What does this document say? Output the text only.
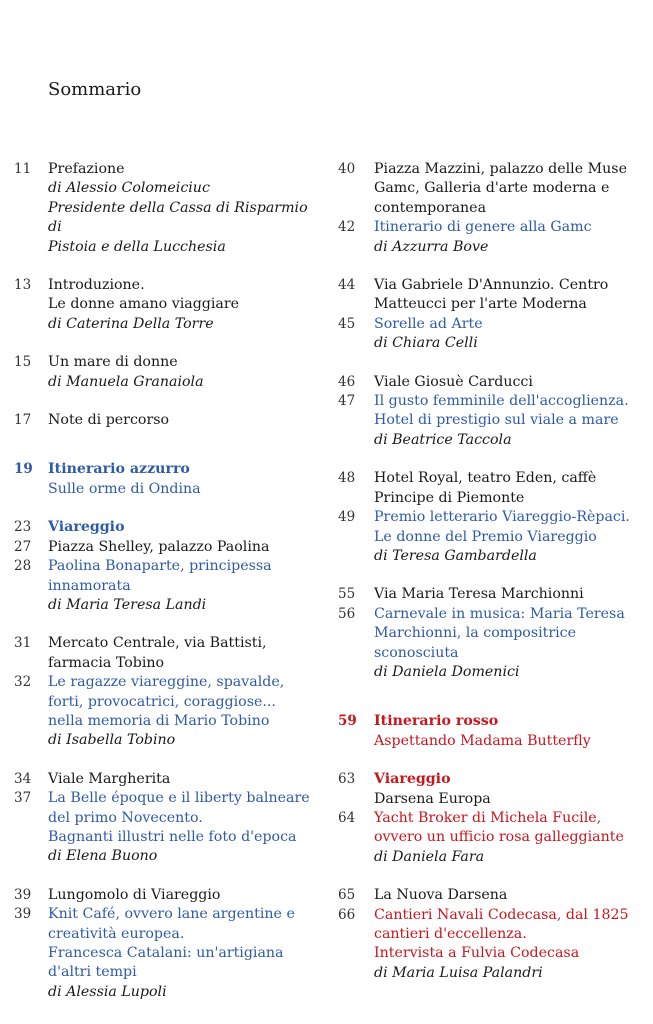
Sommario
11	Prefazione
di Alessio Colomeiciuc
Presidente della Cassa di Risparmio di
Pistoia e della Lucchesia
13	Introduzione.
Le donne amano viaggiare
di Caterina Della Torre
15	Un mare di donne
di Manuela Granaiola
17	Note di percorso
19	Itinerario azzurro
Sulle orme di Ondina
23	Viareggio
27	Piazza Shelley, palazzo Paolina
28	Paolina Bonaparte, principessa
innamorata
di Maria Teresa Landi
31	Mercato Centrale, via Battisti,
farmacia Tobino
32	Le ragazze viareggine, spavalde,
forti, provocatrici, coraggiose...
nella memoria di Mario Tobino
di Isabella Tobino
34	Viale Margherita
37	La Belle époque e il liberty balneare
del primo Novecento.
Bagnanti illustri nelle foto d'epoca
di Elena Buono
39	Lungomolo di Viareggio
39	Knit Café, ovvero lane argentine e
creatività europea.
Francesca Catalani: un'artigiana
d'altri tempi
di Alessia Lupoli
40	Piazza Mazzini, palazzo delle Muse
Gamc, Galleria d'arte moderna e
contemporanea
42	Itinerario di genere alla Gamc
di Azzurra Bove
44	Via Gabriele D'Annunzio. Centro
Matteucci per l'arte Moderna
45	Sorelle ad Arte
di Chiara Celli
46	Viale Giosuè Carducci
47	Il gusto femminile dell'accoglienza.
Hotel di prestigio sul viale a mare
di Beatrice Taccola
48	Hotel Royal, teatro Eden, caffè
Principe di Piemonte
49	Premio letterario Viareggio-Rèpaci.
Le donne del Premio Viareggio
di Teresa Gambardella
55	Via Maria Teresa Marchionni
56	Carnevale in musica: Maria Teresa
Marchionni, la compositrice
sconosciuta
di Daniela Domenici
59	Itinerario rosso
Aspettando Madama Butterfly
63	Viareggio
Darsena Europa
64	Yacht Broker di Michela Fucile,
ovvero un ufficio rosa galleggiante
di Daniela Fara
65	La Nuova Darsena
66	Cantieri Navali Codecasa, dal 1825
cantieri d'eccellenza.
Intervista a Fulvia Codecasa
di Maria Luisa Palandri
